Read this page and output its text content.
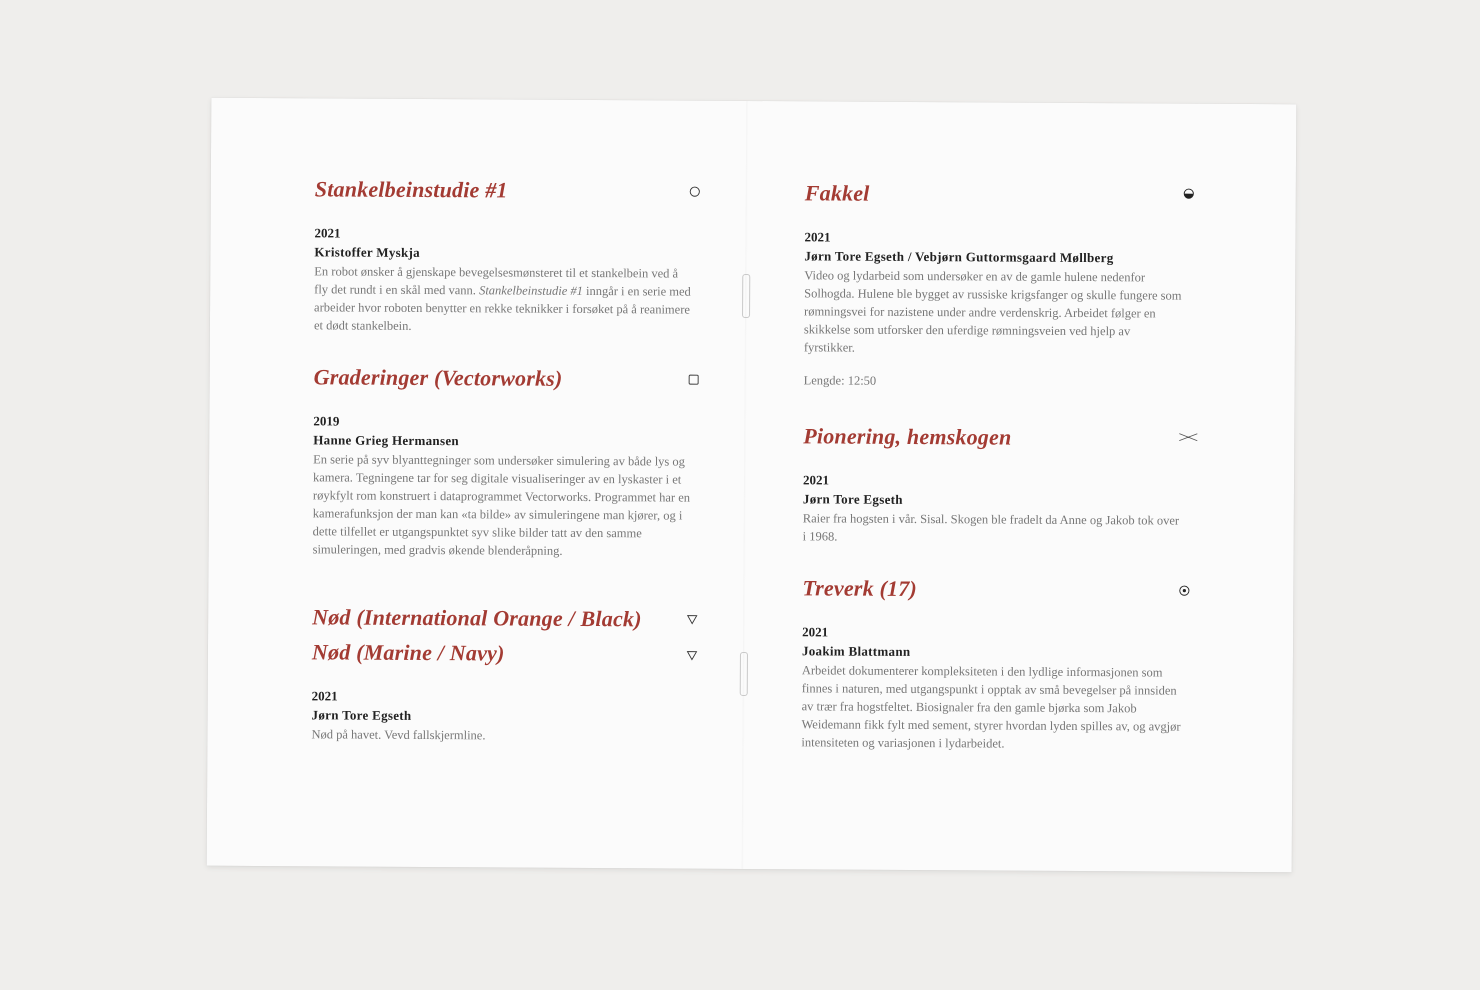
Stankelbeinstudie #1
2021
Kristoffer Myskja
En robot ønsker å gjenskape bevegelsesmønsteret til et stankelbein ved å fly det rundt i en skål med vann. Stankelbeinstudie #1 inngår i en serie med arbeider hvor roboten benytter en rekke teknikker i forsøket på å reanimere et dødt stankelbein.
Graderinger (Vectorworks)
2019
Hanne Grieg Hermansen
En serie på syv blyanttegninger som undersøker simulering av både lys og kamera. Tegningene tar for seg digitale visualiseringer av en lyskaster i et røykfylt rom konstruert i dataprogrammet Vectorworks. Programmet har en kamerafunksjon der man kan «ta bilde» av simuleringene man kjører, og i dette tilfellet er utgangspunktet syv slike bilder tatt av den samme simuleringen, med gradvis økende blenderåpning.
Nød (International Orange / Black)
Nød (Marine / Navy)
2021
Jørn Tore Egseth
Nød på havet. Vevd fallskjermline.
Fakkel
2021
Jørn Tore Egseth / Vebjørn Guttormsgaard Møllberg
Video og lydarbeid som undersøker en av de gamle hulene nedenfor Solhogda. Hulene ble bygget av russiske krigsfanger og skulle fungere som rømningsvei for nazistene under andre verdenskrig. Arbeidet følger en skikkelse som utforsker den uferdige rømningsveien ved hjelp av fyrstikker.
Lengde: 12:50
Pionering, hemskogen
2021
Jørn Tore Egseth
Raier fra hogsten i vår. Sisal. Skogen ble fradelt da Anne og Jakob tok over i 1968.
Treverk (17)
2021
Joakim Blattmann
Arbeidet dokumenterer kompleksiteten i den lydlige informasjonen som finnes i naturen, med utgangspunkt i opptak av små bevegelser på innsiden av trær fra hogstfeltet. Biosignaler fra den gamle bjørka som Jakob Weidemann fikk fylt med sement, styrer hvordan lyden spilles av, og avgjør intensiteten og variasjonen i lydarbeidet.
